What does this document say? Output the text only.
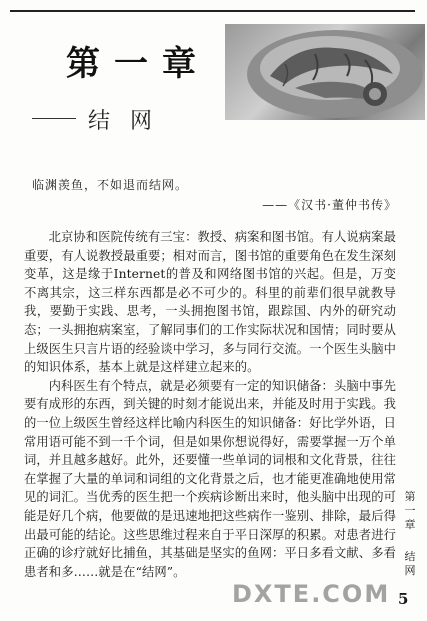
第一章
结网
临渊羡鱼，不如退而结网。
——《汉书·董仲书传》

北京协和医院传统有三宝：教授、病案和图书馆。有人说病案最重要，有人说教授最重要；相对而言，图书馆的重要角色在发生深刻变革，这是缘于Internet的普及和网络图书馆的兴起。但是，万变不离其宗，这三样东西都是必不可少的。科里的前辈们很早就教导我，要勤于实践、思考，一头拥抱图书馆，跟踪国、内外的研究动态；一头拥抱病案室，了解同事们的工作实际状况和国情；同时要从上级医生只言片语的经验谈中学习，多与同行交流。一个医生头脑中的知识体系，基本上就是这样建立起来的。

内科医生有个特点，就是必须要有一定的知识储备：头脑中事先要有成形的东西，到关键的时刻才能说出来，并能及时用于实践。我的一位上级医生曾经这样比喻内科医生的知识储备：好比学外语，日常用语可能不到一千个词，但是如果你想说得好，需要掌握一万个单词，并且越多越好。此外，还要懂一些单词的词根和文化背景，往往在掌握了大量的单词和词组的文化背景之后，也才能更准确地使用常见的词汇。当优秀的医生把一个疾病诊断出来时，他头脑中出现的可能是好几个病，他要做的是迅速地把这些病作一鉴别、排除，最后得出最可能的结论。这些思维过程来自于平日深厚的积累。对患者进行正确的诊疗就好比捕鱼，其基础是坚实的鱼网：平日多看文献、多看患者和多……就是在“结网”。

第
一
章
结
网
5
DXTE.COM
